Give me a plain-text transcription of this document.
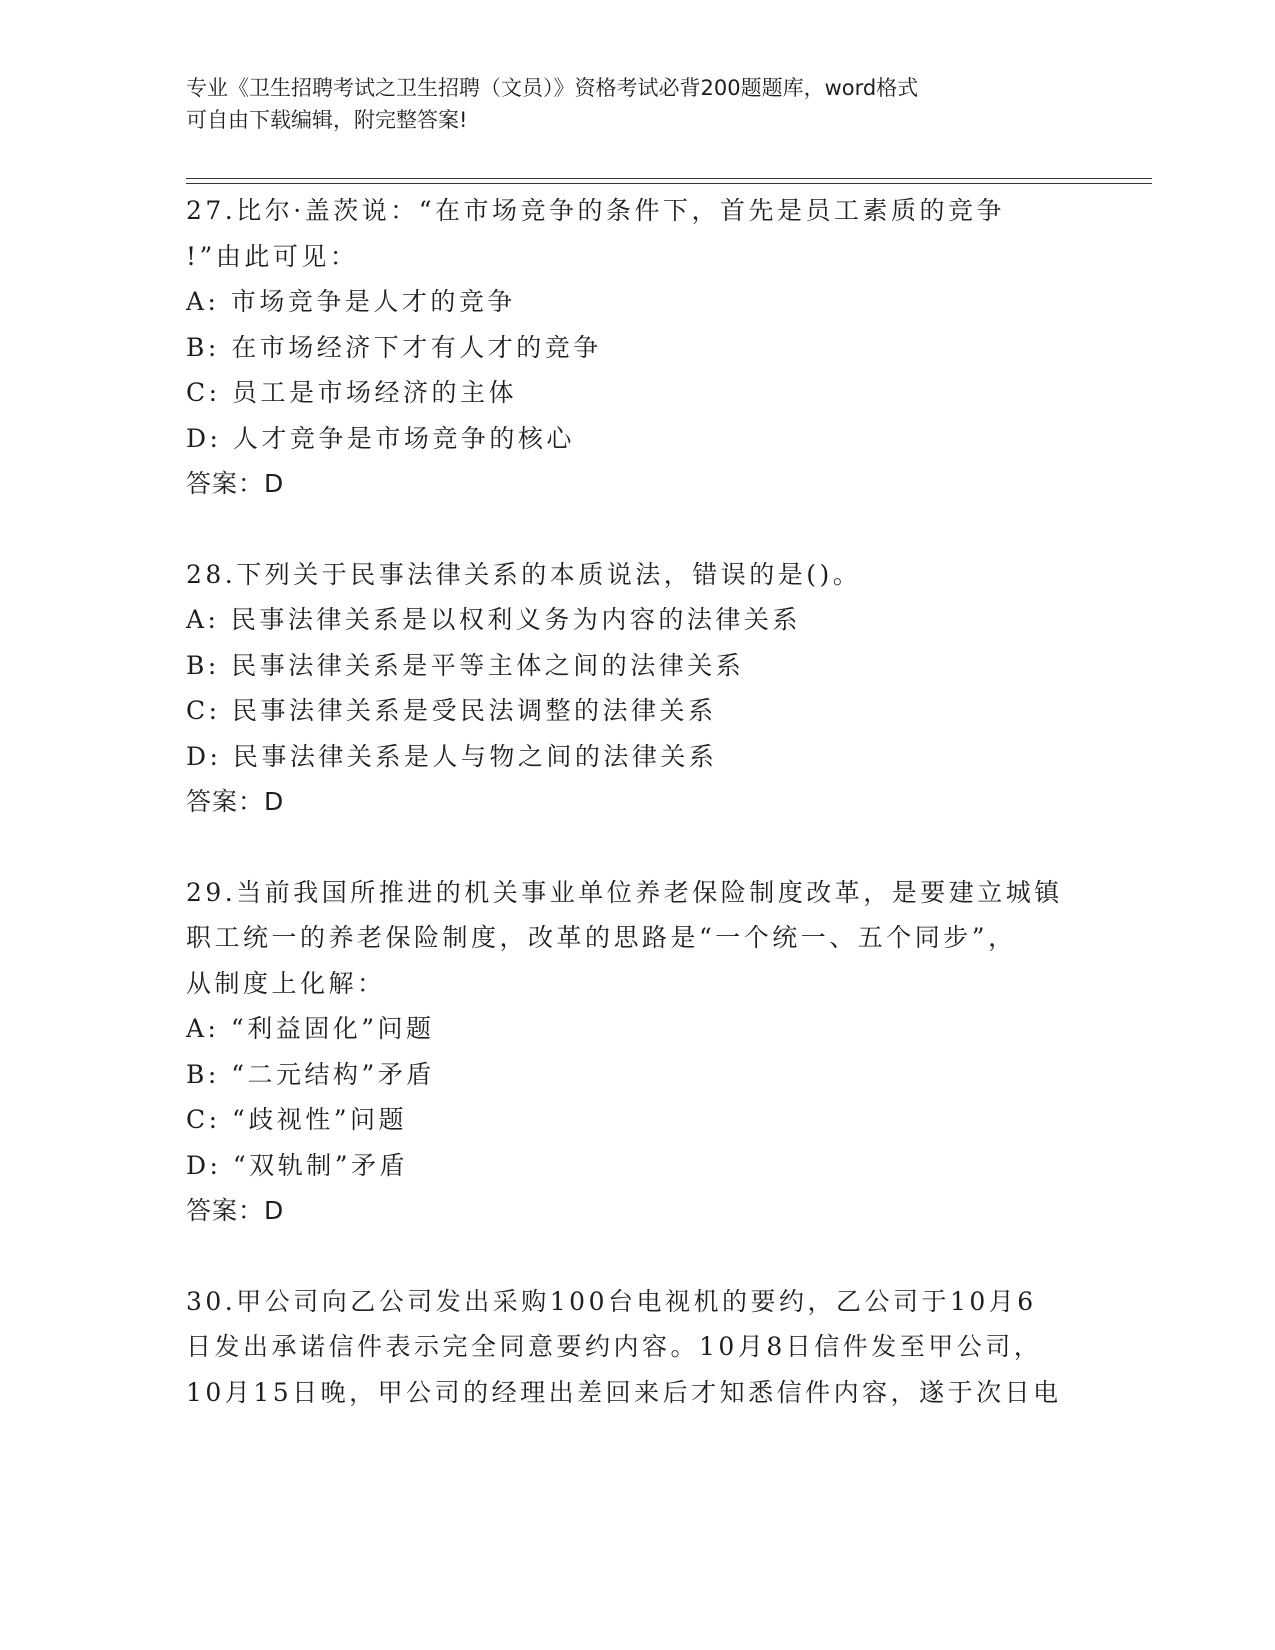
专业《卫生招聘考试之卫生招聘（文员）》资格考试必背200题题库，word格式
可自由下载编辑，附完整答案!
27.比尔·盖茨说：“在市场竞争的条件下，首先是员工素质的竞争
!”由此可见：
A: 市场竞争是人才的竞争
B: 在市场经济下才有人才的竞争
C: 员工是市场经济的主体
D: 人才竞争是市场竞争的核心
答案：D
28.下列关于民事法律关系的本质说法，错误的是()。
A: 民事法律关系是以权利义务为内容的法律关系
B: 民事法律关系是平等主体之间的法律关系
C: 民事法律关系是受民法调整的法律关系
D: 民事法律关系是人与物之间的法律关系
答案：D
29.当前我国所推进的机关事业单位养老保险制度改革，是要建立城镇
职工统一的养老保险制度，改革的思路是“一个统一、五个同步”，
从制度上化解：
A: “利益固化”问题
B: “二元结构”矛盾
C: “歧视性”问题
D: “双轨制”矛盾
答案：D
30.甲公司向乙公司发出采购100台电视机的要约，乙公司于10月6
日发出承诺信件表示完全同意要约内容。10月8日信件发至甲公司，
10月15日晚，甲公司的经理出差回来后才知悉信件内容，遂于次日电
